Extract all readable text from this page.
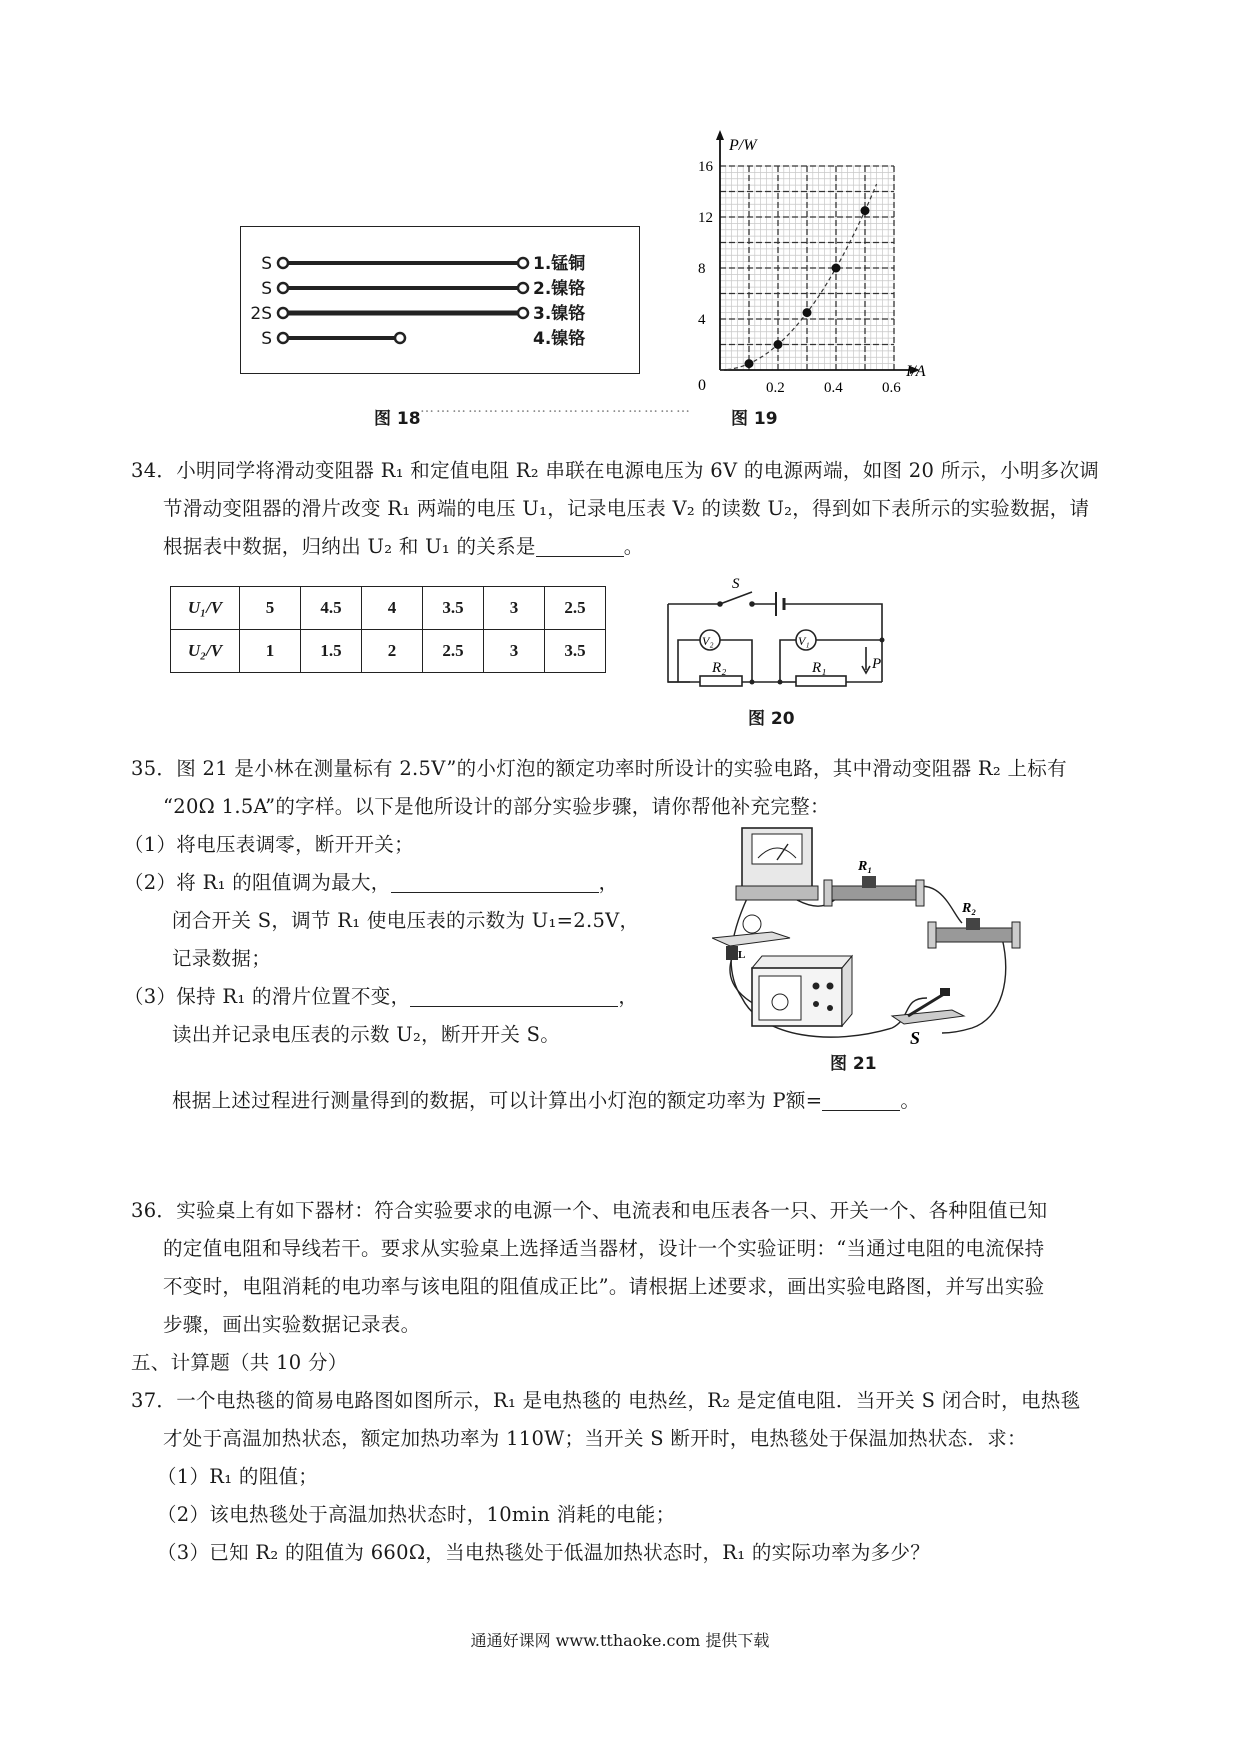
S
S
2S
S
1.锰铜
2.镍铬
3.镍铬
4.镍铬
图 18
……………………………………………
4
8
12
16
0.2	0.4	0.6
P/W
I/A
0
图 19
34．小明同学将滑动变阻器 R₁ 和定值电阻 R₂ 串联在电源电压为 6V 的电源两端，如图 20 所示，小明多次调
节滑动变阻器的滑片改变 R₁ 两端的电压 U₁，记录电压表 V₂ 的读数 U₂，得到如下表所示的实验数据，请
根据表中数据，归纳出 U₂ 和 U₁ 的关系是	。
U₁/V	5	4.5	4	3.5	3	2.5
U₂/V	1	1.5	2	2.5	3	3.5
S
V₂	V₁
R₂	R₁	P
图 20
35．图 21 是小林在测量标有 2.5V”的小灯泡的额定功率时所设计的实验电路，其中滑动变阻器 R₂ 上标有
“20Ω 1.5A”的字样。以下是他所设计的部分实验步骤，请你帮他补充完整：
（1）将电压表调零，断开开关；
（2）将 R₁ 的阻值调为最大，	，
闭合开关 S，调节 R₁ 使电压表的示数为 U₁=2.5V，
记录数据；
（3）保持 R₁ 的滑片位置不变，	，
读出并记录电压表的示数 U₂，断开开关 S。
R₁
R₂
L
S
图 21
根据上述过程进行测量得到的数据，可以计算出小灯泡的额定功率为 P额=	。
36．实验桌上有如下器材：符合实验要求的电源一个、电流表和电压表各一只、开关一个、各种阻值已知
的定值电阻和导线若干。要求从实验桌上选择适当器材，设计一个实验证明：“当通过电阻的电流保持
不变时，电阻消耗的电功率与该电阻的阻值成正比”。请根据上述要求，画出实验电路图，并写出实验
步骤，画出实验数据记录表。
五、计算题（共 10 分）
37．一个电热毯的简易电路图如图所示，R₁ 是电热毯的 电热丝，R₂ 是定值电阻．当开关 S 闭合时，电热毯
才处于高温加热状态，额定加热功率为 110W；当开关 S 断开时，电热毯处于保温加热状态．求：
（1）R₁ 的阻值；
（2）该电热毯处于高温加热状态时，10min 消耗的电能；
（3）已知 R₂ 的阻值为 660Ω，当电热毯处于低温加热状态时，R₁ 的实际功率为多少？
通通好课网 www.tthaoke.com 提供下载
